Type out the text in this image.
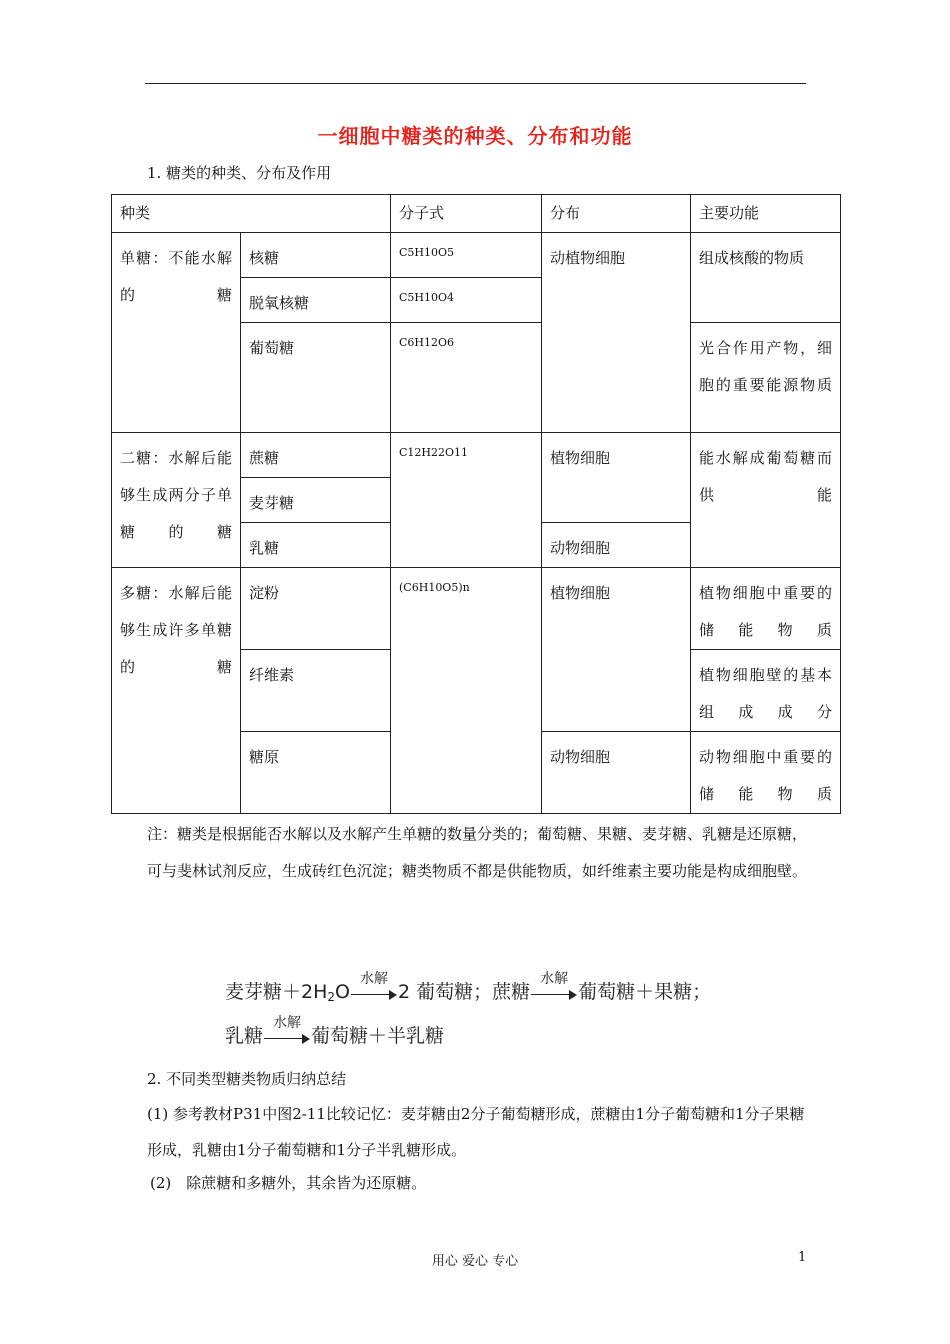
一细胞中糖类的种类、分布和功能
1. 糖类的种类、分布及作用
种类		分子式	分布	主要功能
单糖：不能水解的糖	核糖	C5H10O5	动植物细胞	组成核酸的物质
	脱氧核糖	C5H10O4		
	葡萄糖	C6H12O6		光合作用产物，细胞的重要能源物质
二糖：水解后能够生成两分子单糖的糖	蔗糖	C12H22O11	植物细胞	能水解成葡萄糖而供能
	麦芽糖			
	乳糖		动物细胞	
多糖：水解后能够生成许多单糖的糖	淀粉	(C6H10O5)n	植物细胞	植物细胞中重要的储能物质
	纤维素			植物细胞壁的基本组成成分
	糖原		动物细胞	动物细胞中重要的储能物质
注：糖类是根据能否水解以及水解产生单糖的数量分类的；葡萄糖、果糖、麦芽糖、乳糖是还原糖，可与斐林试剂反应，生成砖红色沉淀；糖类物质不都是供能物质，如纤维素主要功能是构成细胞壁。
麦芽糖$+2H_2O$
水解
2 葡萄糖；蔗糖
水解
葡萄糖＋果糖；
乳糖
水解
葡萄糖＋半乳糖
2. 不同类型糖类物质归纳总结
(1) 参考教材P31中图2-11比较记忆：麦芽糖由2分子葡萄糖形成，蔗糖由1分子葡萄糖和1分子果糖形成，乳糖由1分子葡萄糖和1分子半乳糖形成。
(2)　除蔗糖和多糖外，其余皆为还原糖。
用心 爱心 专心	1
